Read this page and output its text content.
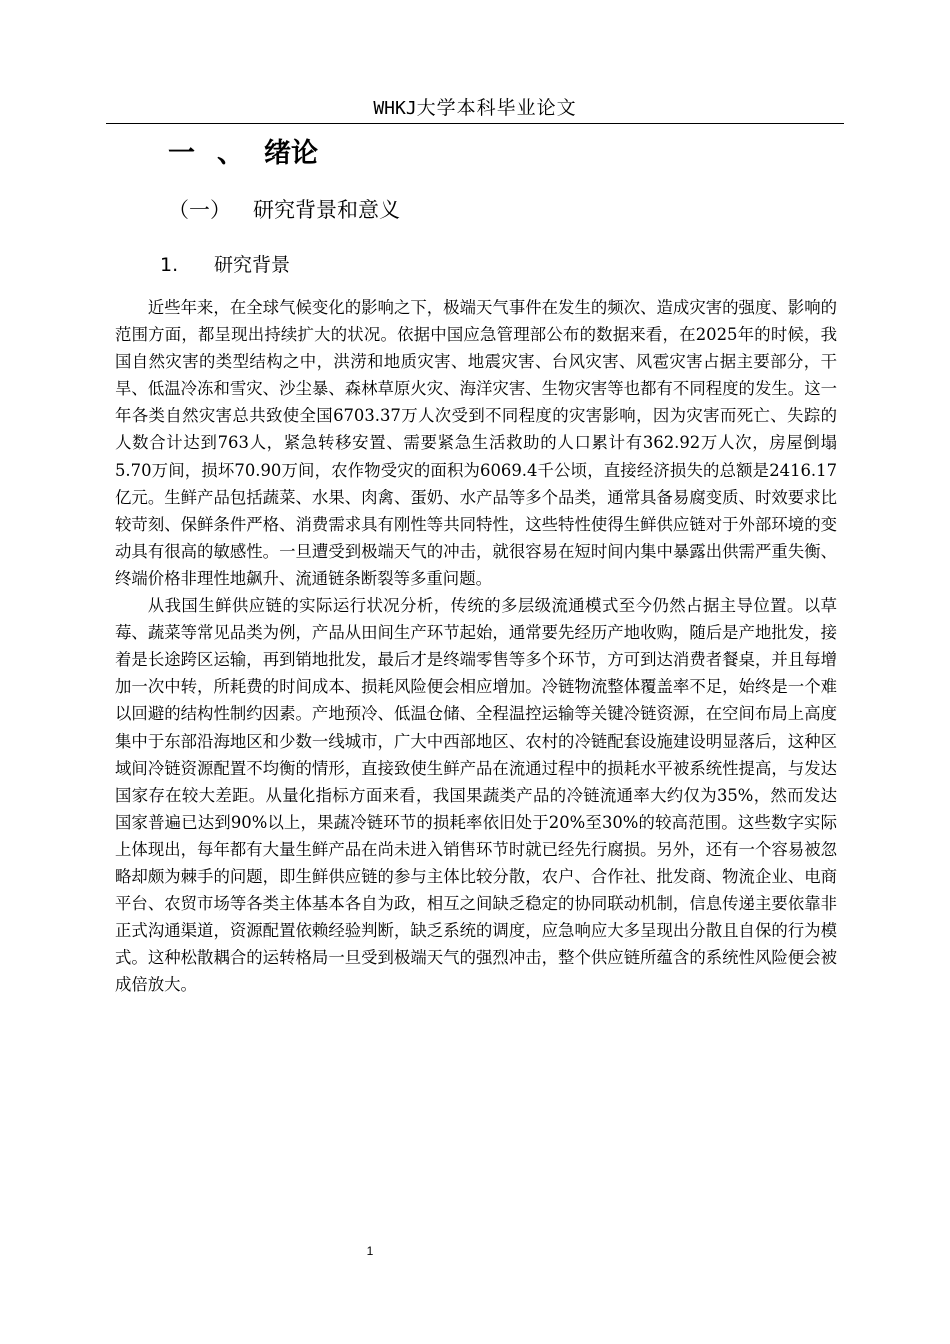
WHKJ大学本科毕业论文
一 、 绪论
（一） 研究背景和意义
1. 研究背景

近些年来，在全球气候变化的影响之下，极端天气事件在发生的频次、造成灾害的强度、影响的范围方面，都呈现出持续扩大的状况。依据中国应急管理部公布的数据来看，在2025年的时候，我国自然灾害的类型结构之中，洪涝和地质灾害、地震灾害、台风灾害、风雹灾害占据主要部分，干旱、低温冷冻和雪灾、沙尘暴、森林草原火灾、海洋灾害、生物灾害等也都有不同程度的发生。这一年各类自然灾害总共致使全国6703.37万人次受到不同程度的灾害影响，因为灾害而死亡、失踪的人数合计达到763人，紧急转移安置、需要紧急生活救助的人口累计有362.92万人次，房屋倒塌5.70万间，损坏70.90万间，农作物受灾的面积为6069.4千公顷，直接经济损失的总额是2416.17亿元。生鲜产品包括蔬菜、水果、肉禽、蛋奶、水产品等多个品类，通常具备易腐变质、时效要求比较苛刻、保鲜条件严格、消费需求具有刚性等共同特性，这些特性使得生鲜供应链对于外部环境的变动具有很高的敏感性。一旦遭受到极端天气的冲击，就很容易在短时间内集中暴露出供需严重失衡、终端价格非理性地飙升、流通链条断裂等多重问题。

从我国生鲜供应链的实际运行状况分析，传统的多层级流通模式至今仍然占据主导位置。以草莓、蔬菜等常见品类为例，产品从田间生产环节起始，通常要先经历产地收购，随后是产地批发，接着是长途跨区运输，再到销地批发，最后才是终端零售等多个环节，方可到达消费者餐桌，并且每增加一次中转，所耗费的时间成本、损耗风险便会相应增加。冷链物流整体覆盖率不足，始终是一个难以回避的结构性制约因素。产地预冷、低温仓储、全程温控运输等关键冷链资源，在空间布局上高度集中于东部沿海地区和少数一线城市，广大中西部地区、农村的冷链配套设施建设明显落后，这种区域间冷链资源配置不均衡的情形，直接致使生鲜产品在流通过程中的损耗水平被系统性提高，与发达国家存在较大差距。从量化指标方面来看，我国果蔬类产品的冷链流通率大约仅为35%，然而发达国家普遍已达到90%以上，果蔬冷链环节的损耗率依旧处于20%至30%的较高范围。这些数字实际上体现出，每年都有大量生鲜产品在尚未进入销售环节时就已经先行腐损。另外，还有一个容易被忽略却颇为棘手的问题，即生鲜供应链的参与主体比较分散，农户、合作社、批发商、物流企业、电商平台、农贸市场等各类主体基本各自为政，相互之间缺乏稳定的协同联动机制，信息传递主要依靠非正式沟通渠道，资源配置依赖经验判断，缺乏系统的调度，应急响应大多呈现出分散且自保的行为模式。这种松散耦合的运转格局一旦受到极端天气的强烈冲击，整个供应链所蕴含的系统性风险便会被成倍放大。

1
